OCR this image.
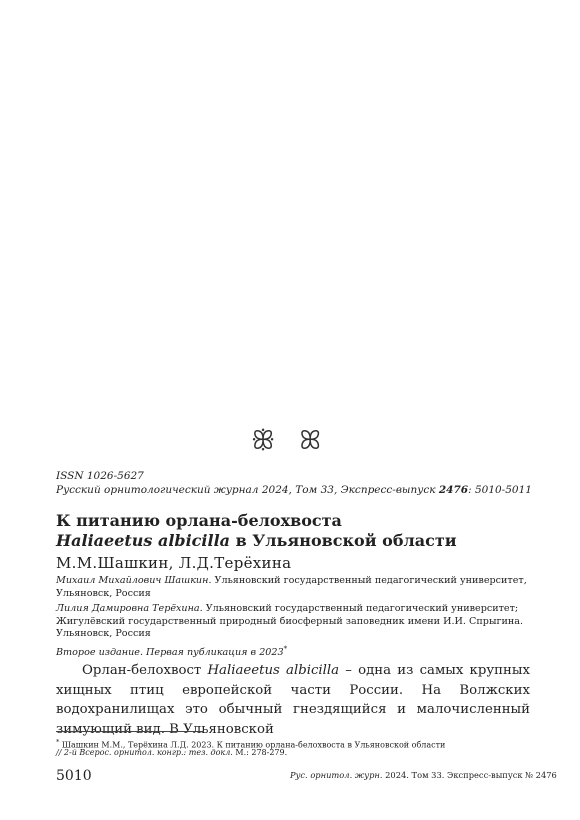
ꕥ ꕤ
ISSN 1026-5627
Русский орнитологический журнал 2024, Том 33, Экспресс-выпуск 2476: 5010-5011
К питанию орлана-белохвоста
Haliaeetus albicilla в Ульяновской области
М.М.Шашкин, Л.Д.Терёхина
Михаил Михайлович Шашкин. Ульяновский государственный педагогический университет,
Ульяновск, Россия
Лилия Дамировна Терёхина. Ульяновский государственный педагогический университет;
Жигулёвский государственный природный биосферный заповедник имени И.И. Спрыгина.
Ульяновск, Россия
Второе издание. Первая публикация в 2023*

Орлан-белохвост Haliaeetus albicilla – одна из самых крупных хищных птиц европейской части России. На Волжских водохранилищах это обычный гнездящийся и малочисленный зимующий вид. В Ульяновской

* Шашкин М.М., Терёхина Л.Д. 2023. К питанию орлана-белохвоста в Ульяновской области
// 2-й Всерос. орнитол. конгр.: тез. докл. М.: 278-279.
5010	Рус. орнитол. журн. 2024. Том 33. Экспресс-выпуск № 2476
